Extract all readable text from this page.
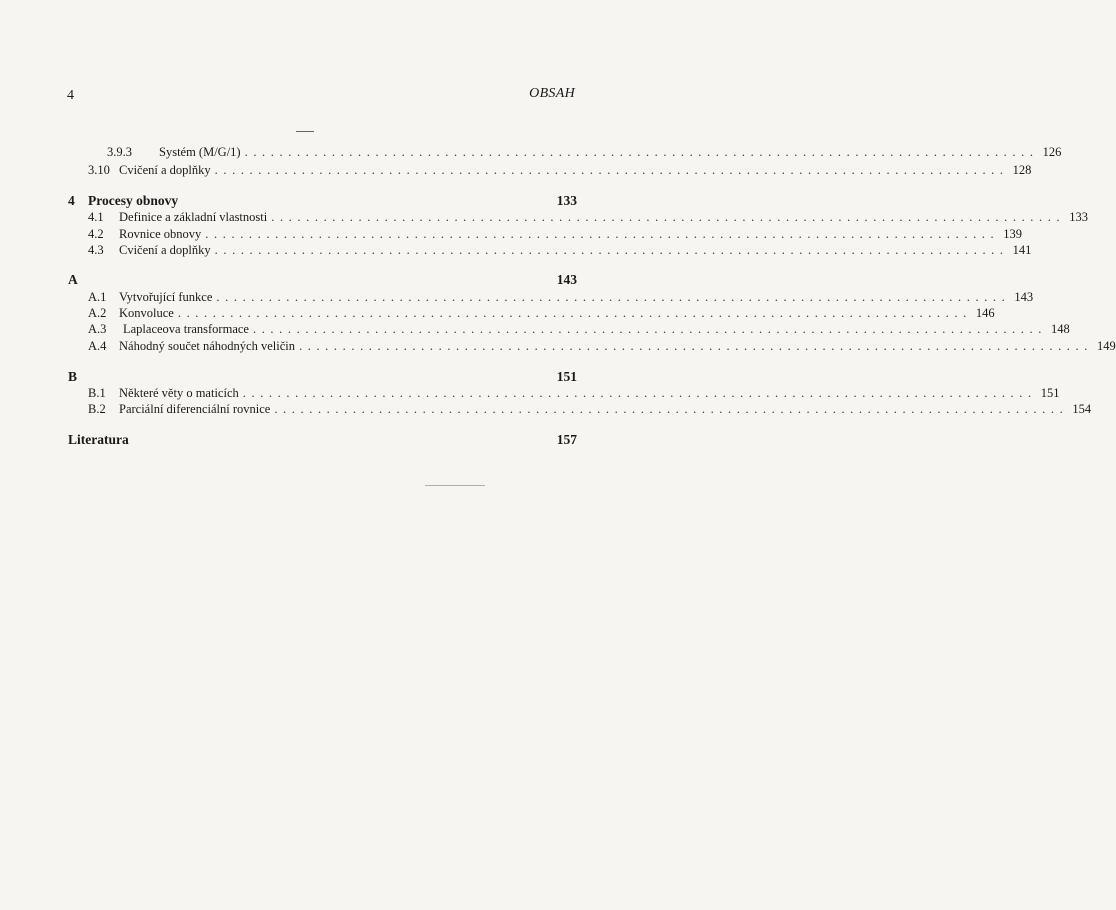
4	OBSAH
3.9.3	Systém (M/G/1) ........................................................................................... 126
3.10 Cvičení a doplňky ........................................................................................... 128
4 Procesy obnovy	133
4.1	Definice a základní vlastnosti ........................................................................................... 133
4.2	Rovnice obnovy ........................................................................................... 139
4.3	Cvičení a doplňky ........................................................................................... 141
A	143
A.1	Vytvořující funkce ........................................................................................... 143
A.2	Konvoluce ........................................................................................... 146
A.3	Laplaceova transformace ........................................................................................... 148
A.4	Náhodný součet náhodných veličin ........................................................................................... 149
B	151
B.1	Některé věty o maticích ........................................................................................... 151
B.2	Parciální diferenciální rovnice ........................................................................................... 154
Literatura	157
